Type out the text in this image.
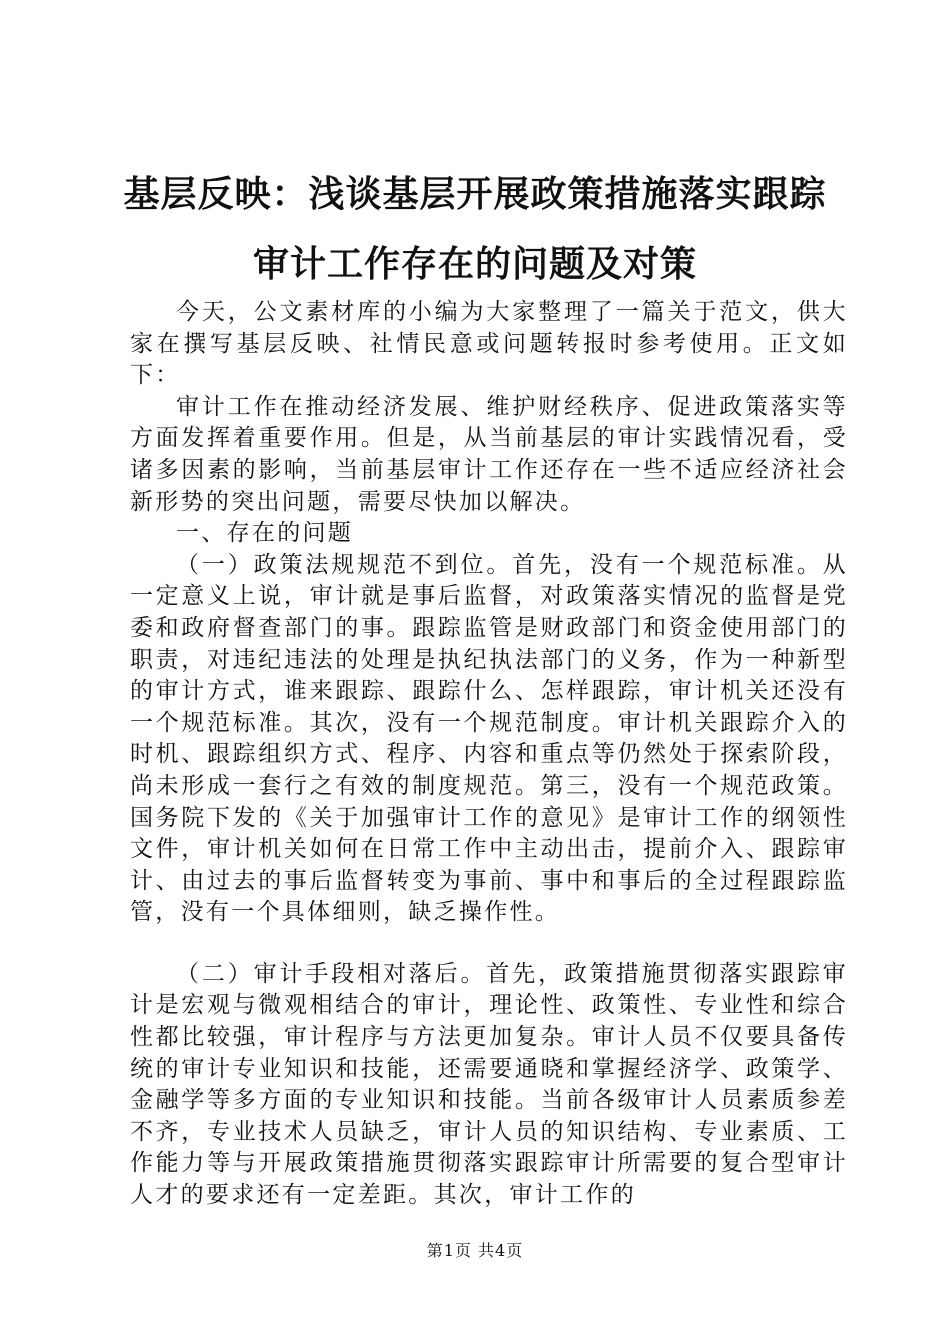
基层反映：浅谈基层开展政策措施落实跟踪审计工作存在的问题及对策

今天，公文素材库的小编为大家整理了一篇关于范文，供大家在撰写基层反映、社情民意或问题转报时参考使用。正文如下：

审计工作在推动经济发展、维护财经秩序、促进政策落实等方面发挥着重要作用。但是，从当前基层的审计实践情况看，受诸多因素的影响，当前基层审计工作还存在一些不适应经济社会新形势的突出问题，需要尽快加以解决。

一、存在的问题

（一）政策法规规范不到位。首先，没有一个规范标准。从一定意义上说，审计就是事后监督，对政策落实情况的监督是党委和政府督查部门的事。跟踪监管是财政部门和资金使用部门的职责，对违纪违法的处理是执纪执法部门的义务，作为一种新型的审计方式，谁来跟踪、跟踪什么、怎样跟踪，审计机关还没有一个规范标准。其次，没有一个规范制度。审计机关跟踪介入的时机、跟踪组织方式、程序、内容和重点等仍然处于探索阶段，尚未形成一套行之有效的制度规范。第三，没有一个规范政策。国务院下发的《关于加强审计工作的意见》是审计工作的纲领性文件，审计机关如何在日常工作中主动出击，提前介入、跟踪审计、由过去的事后监督转变为事前、事中和事后的全过程跟踪监管，没有一个具体细则，缺乏操作性。

（二）审计手段相对落后。首先，政策措施贯彻落实跟踪审计是宏观与微观相结合的审计，理论性、政策性、专业性和综合性都比较强，审计程序与方法更加复杂。审计人员不仅要具备传统的审计专业知识和技能，还需要通晓和掌握经济学、政策学、金融学等多方面的专业知识和技能。当前各级审计人员素质参差不齐，专业技术人员缺乏，审计人员的知识结构、专业素质、工作能力等与开展政策措施贯彻落实跟踪审计所需要的复合型审计人才的要求还有一定差距。其次，审计工作的

第1页 共4页
